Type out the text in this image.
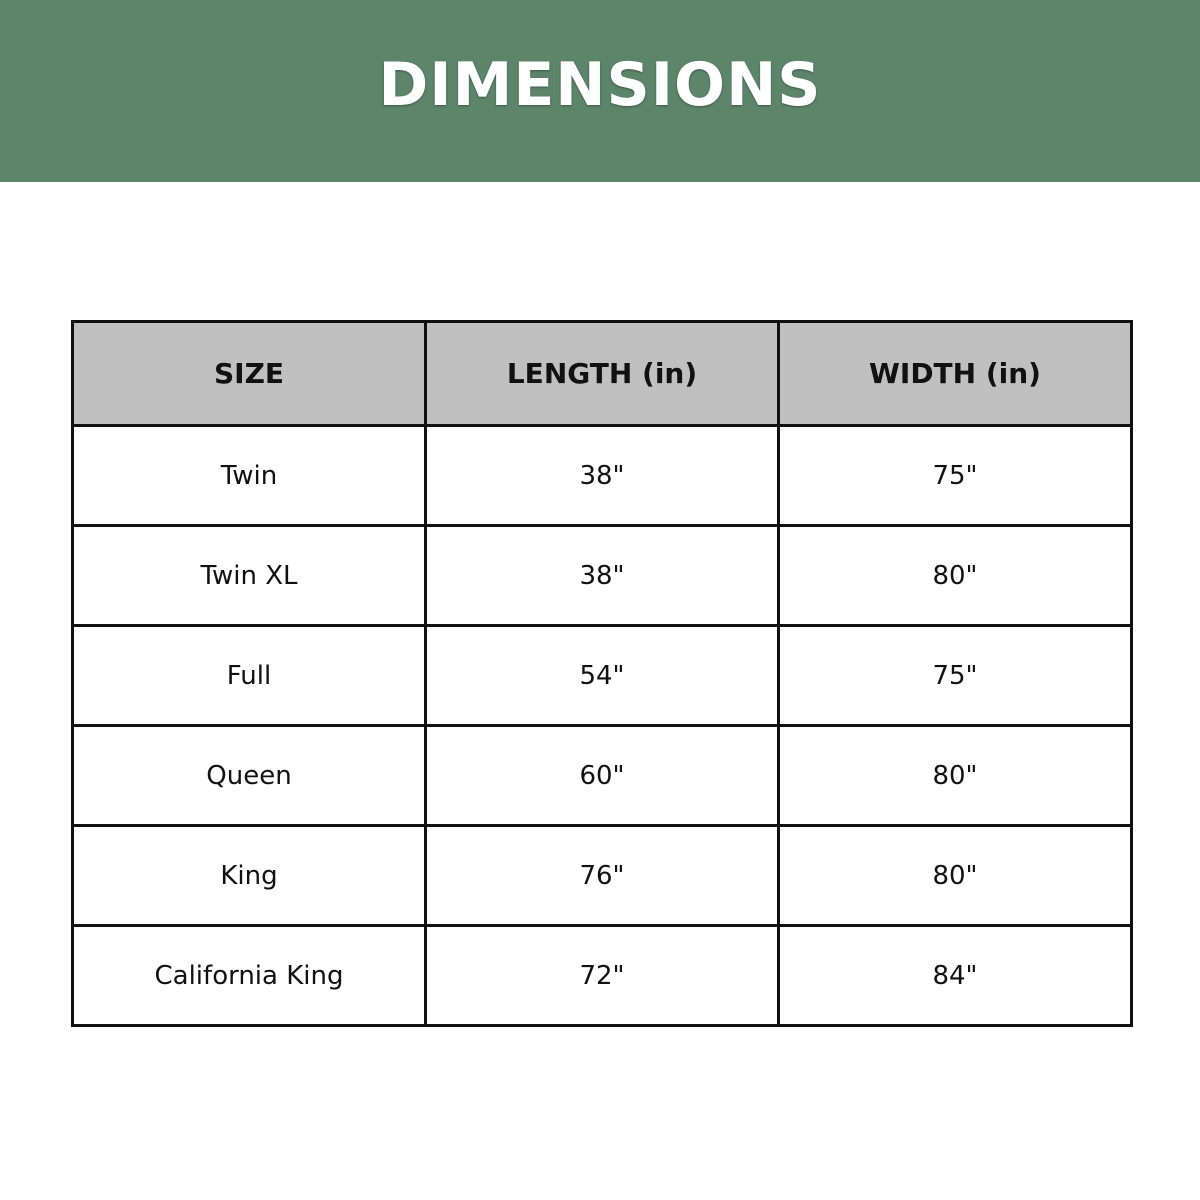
DIMENSIONS
SIZE	LENGTH (in)	WIDTH (in)
Twin	38"	75"
Twin XL	38"	80"
Full	54"	75"
Queen	60"	80"
King	76"	80"
California King	72"	84"
